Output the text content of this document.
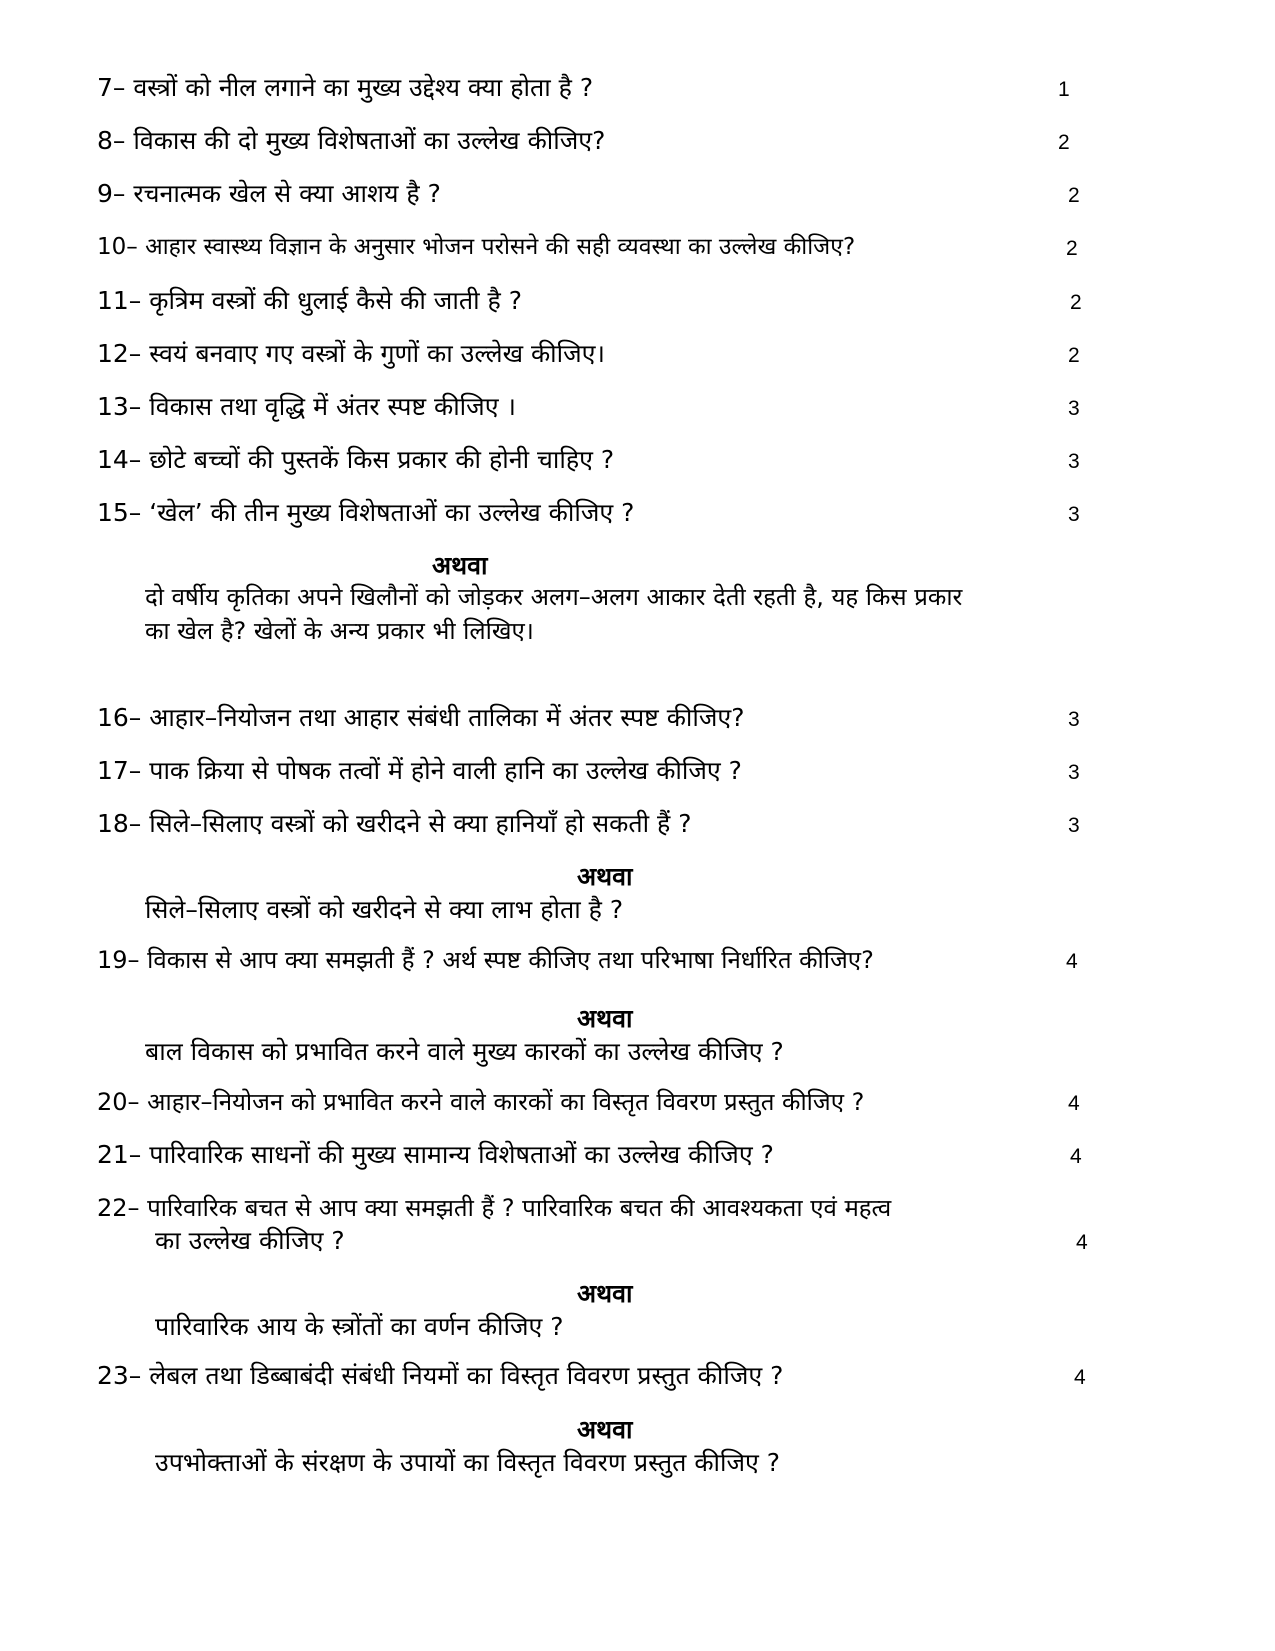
7– वस्त्रों को नील लगाने का मुख्य उद्देश्य क्या होता है ?	1
8– विकास की दो मुख्य विशेषताओं का उल्लेख कीजिए?	2
9– रचनात्मक खेल से क्या आशय है ?	2
10– आहार स्वास्थ्य विज्ञान के अनुसार भोजन परोसने की सही व्यवस्था का उल्लेख कीजिए?	2
11– कृत्रिम वस्त्रों की धुलाई कैसे की जाती है ?	2
12– स्वयं बनवाए गए वस्त्रों के गुणों का उल्लेख कीजिए।	2
13– विकास तथा वृद्धि में अंतर स्पष्ट कीजिए ।	3
14– छोटे बच्चों की पुस्तकें किस प्रकार की होनी चाहिए ?	3
15– ‘खेल’ की तीन मुख्य विशेषताओं का उल्लेख कीजिए ?	3
अथवा
दो वर्षीय कृतिका अपने खिलौनों को जोड़कर अलग–अलग आकार देती रहती है, यह किस प्रकार
का खेल है? खेलों के अन्य प्रकार भी लिखिए।
16– आहार–नियोजन तथा आहार संबंधी तालिका में अंतर स्पष्ट कीजिए?	3
17– पाक क्रिया से पोषक तत्वों में होने वाली हानि का उल्लेख कीजिए ?	3
18– सिले–सिलाए वस्त्रों को खरीदने से क्या हानियाँ हो सकती हैं ?	3
अथवा
सिले–सिलाए वस्त्रों को खरीदने से क्या लाभ होता है ?
19– विकास से आप क्या समझती हैं ? अर्थ स्पष्ट कीजिए तथा परिभाषा निर्धारित कीजिए?	4
अथवा
बाल विकास को प्रभावित करने वाले मुख्य कारकों का उल्लेख कीजिए ?
20– आहार–नियोजन को प्रभावित करने वाले कारकों का विस्तृत विवरण प्रस्तुत कीजिए ?	4
21– पारिवारिक साधनों की मुख्य सामान्य विशेषताओं का उल्लेख कीजिए ?	4
22– पारिवारिक बचत से आप क्या समझती हैं ? पारिवारिक बचत की आवश्यकता एवं महत्व
का उल्लेख कीजिए ?	4
अथवा
पारिवारिक आय के स्त्रोंतों का वर्णन कीजिए ?
23– लेबल तथा डिब्बाबंदी संबंधी नियमों का विस्तृत विवरण प्रस्तुत कीजिए ?	4
अथवा
उपभोक्ताओं के संरक्षण के उपायों का विस्तृत विवरण प्रस्तुत कीजिए ?
